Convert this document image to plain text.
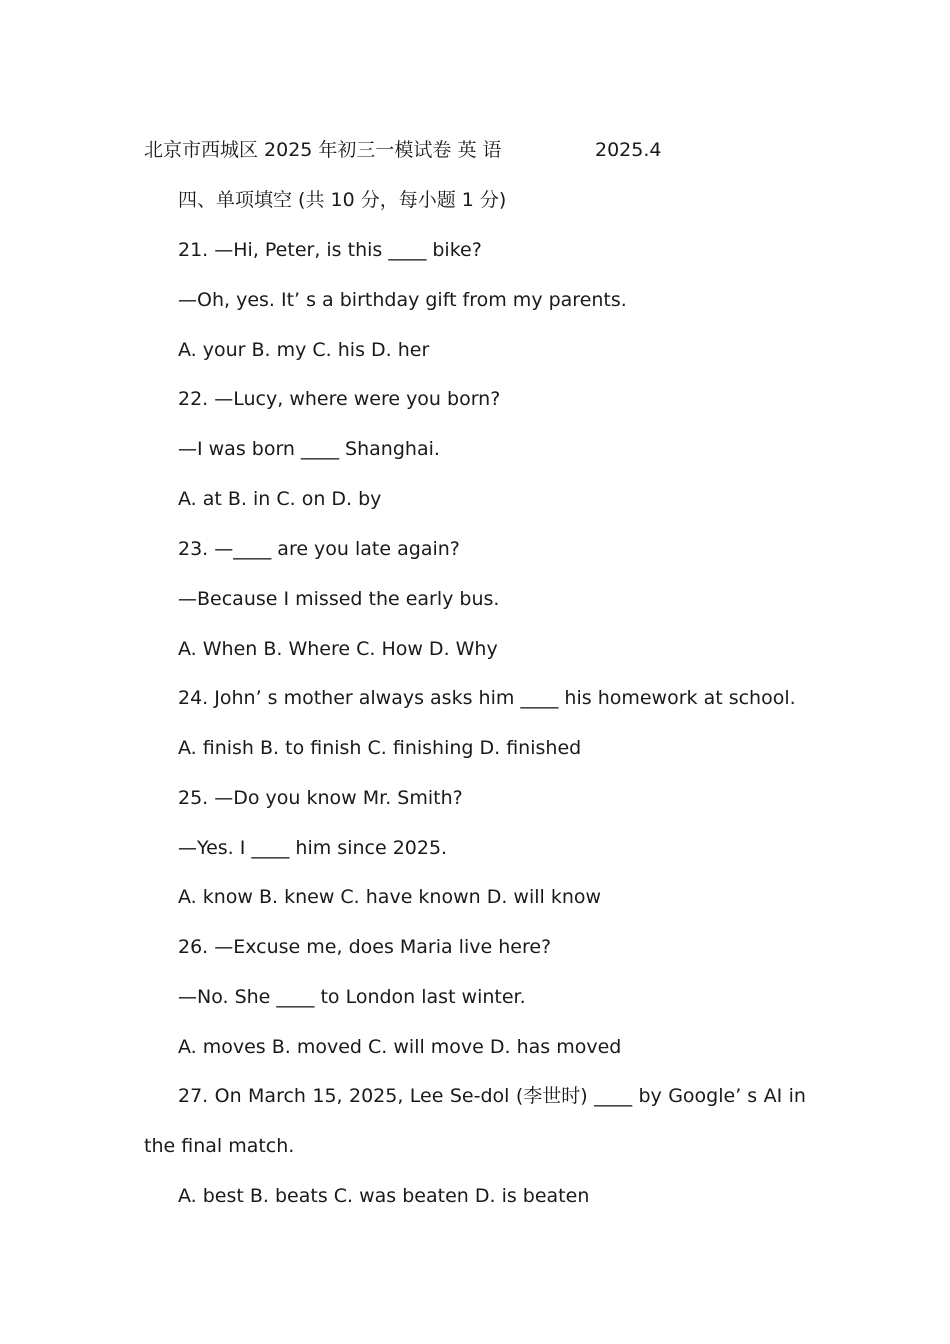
北京市西城区 2025 年初三一模试卷 英 语	2025.4
四、单项填空 (共 10 分，每小题 1 分)
21. —Hi, Peter, is this ____ bike?
—Oh, yes. It’ s a birthday gift from my parents.
A. your B. my C. his D. her
22. —Lucy, where were you born?
—I was born ____ Shanghai.
A. at B. in C. on D. by
23. —____ are you late again?
—Because I missed the early bus.
A. When B. Where C. How D. Why
24. John’ s mother always asks him ____ his homework at school.
A. finish B. to finish C. finishing D. finished
25. —Do you know Mr. Smith?
—Yes. I ____ him since 2025.
A. know B. knew C. have known D. will know
26. —Excuse me, does Maria live here?
—No. She ____ to London last winter.
A. moves B. moved C. will move D. has moved
27. On March 15, 2025, Lee Se-dol (李世时) ____ by Google’ s AI in
the final match.
A. best B. beats C. was beaten D. is beaten
